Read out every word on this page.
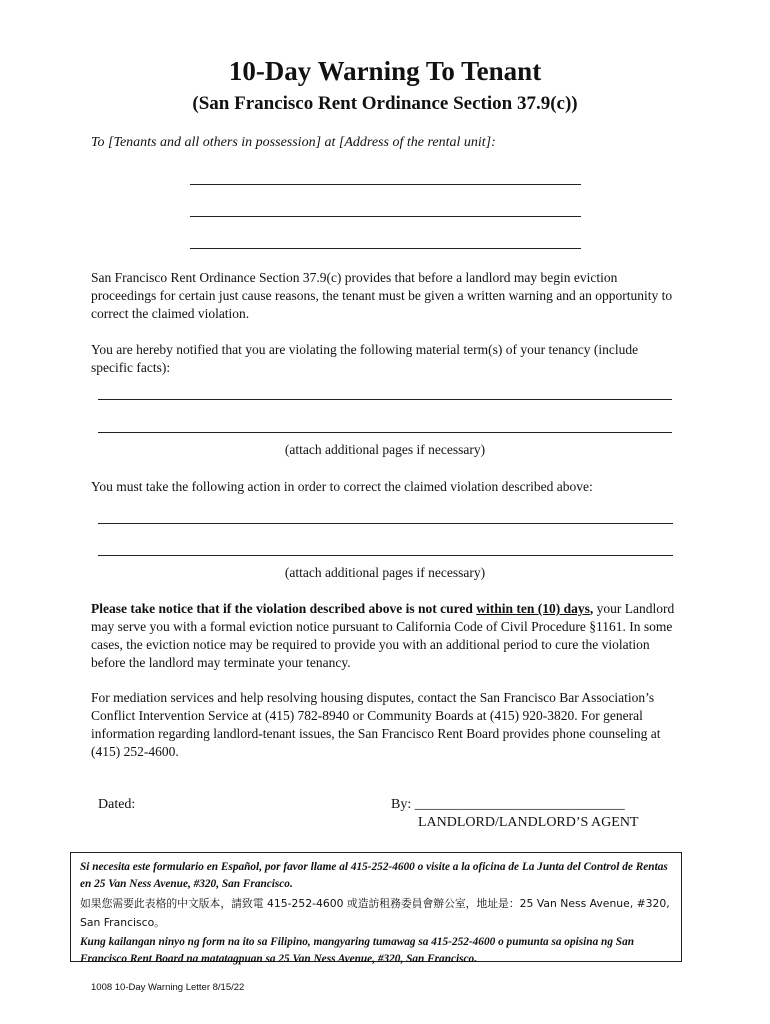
10-Day Warning To Tenant
(San Francisco Rent Ordinance Section 37.9(c))
To [Tenants and all others in possession] at [Address of the rental unit]:
San Francisco Rent Ordinance Section 37.9(c) provides that before a landlord may begin eviction proceedings for certain just cause reasons, the tenant must be given a written warning and an opportunity to correct the claimed violation.
You are hereby notified that you are violating the following material term(s) of your tenancy (include specific facts):
(attach additional pages if necessary)
You must take the following action in order to correct the claimed violation described above:
(attach additional pages if necessary)
Please take notice that if the violation described above is not cured within ten (10) days, your Landlord may serve you with a formal eviction notice pursuant to California Code of Civil Procedure §1161. In some cases, the eviction notice may be required to provide you with an additional period to cure the violation before the landlord may terminate your tenancy.
For mediation services and help resolving housing disputes, contact the San Francisco Bar Association’s Conflict Intervention Service at (415) 782-8940 or Community Boards at (415) 920-3820. For general information regarding landlord-tenant issues, the San Francisco Rent Board provides phone counseling at (415) 252-4600.
Dated:	By: ______________________________
LANDLORD/LANDLORD’S AGENT
Si necesita este formulario en Español, por favor llame al 415-252-4600 o visite a la oficina de La Junta del Control de Rentas en 25 Van Ness Avenue, #320, San Francisco.
如果您需要此表格的中文版本，請致電 415-252-4600 或造訪租務委員會辦公室，地址是：25 Van Ness Avenue, #320, San Francisco。
Kung kailangan ninyo ng form na ito sa Filipino, mangyaring tumawag sa 415-252-4600 o pumunta sa opisina ng San Francisco Rent Board na matatagpuan sa 25 Van Ness Avenue, #320, San Francisco.
1008 10-Day Warning Letter 8/15/22
